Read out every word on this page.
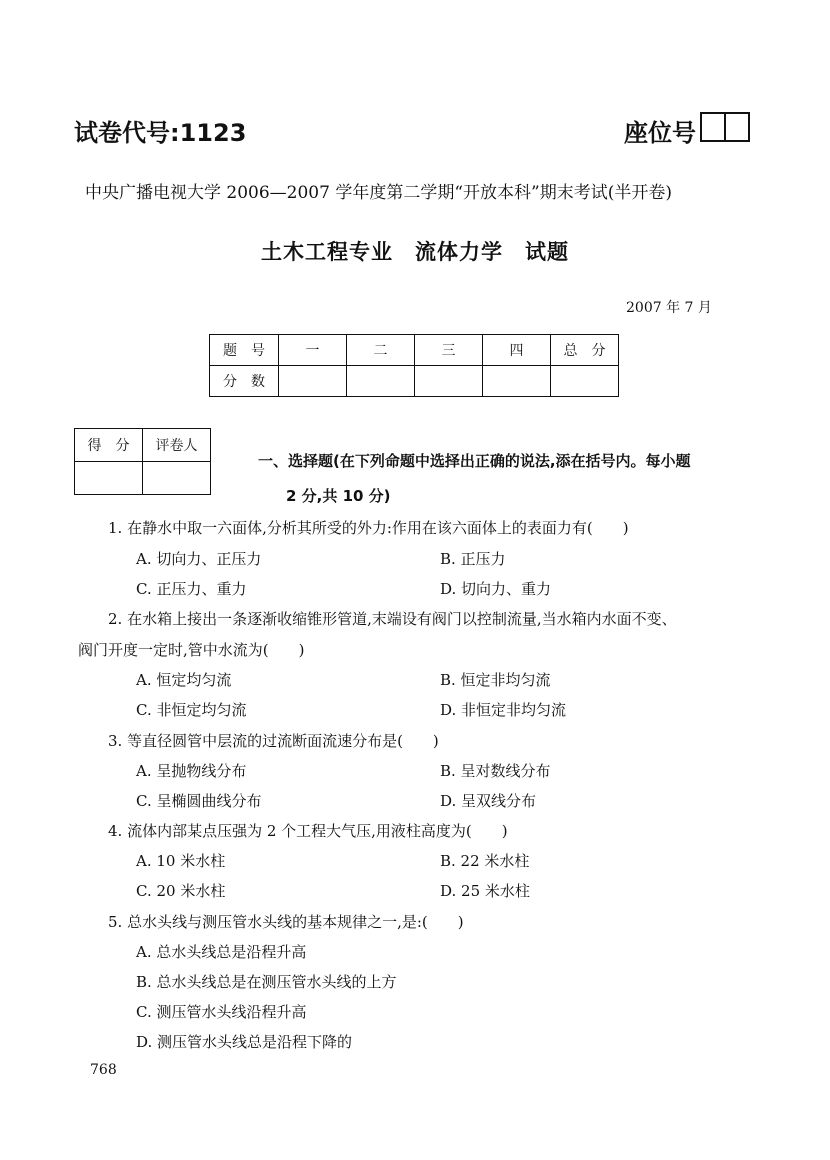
试卷代号:1123	座位号
中央广播电视大学 2006—2007 学年度第二学期“开放本科”期末考试(半开卷)
土木工程专业　流体力学　试题
2007 年 7 月
题　号	一	二	三	四	总　分
分　数					
得　分	评卷人

一、选择题(在下列命题中选择出正确的说法,添在括号内。每小题
2 分,共 10 分)
1. 在静水中取一六面体,分析其所受的外力:作用在该六面体上的表面力有(　　)
A. 切向力、正压力	B. 正压力
C. 正压力、重力	D. 切向力、重力
2. 在水箱上接出一条逐渐收缩锥形管道,末端设有阀门以控制流量,当水箱内水面不变、
阀门开度一定时,管中水流为(　　)
A. 恒定均匀流	B. 恒定非均匀流
C. 非恒定均匀流	D. 非恒定非均匀流
3. 等直径圆管中层流的过流断面流速分布是(　　)
A. 呈抛物线分布	B. 呈对数线分布
C. 呈椭圆曲线分布	D. 呈双线分布
4. 流体内部某点压强为 2 个工程大气压,用液柱高度为(　　)
A. 10 米水柱	B. 22 米水柱
C. 20 米水柱	D. 25 米水柱
5. 总水头线与测压管水头线的基本规律之一,是:(　　)
A. 总水头线总是沿程升高
B. 总水头线总是在测压管水头线的上方
C. 测压管水头线沿程升高
D. 测压管水头线总是沿程下降的
768
